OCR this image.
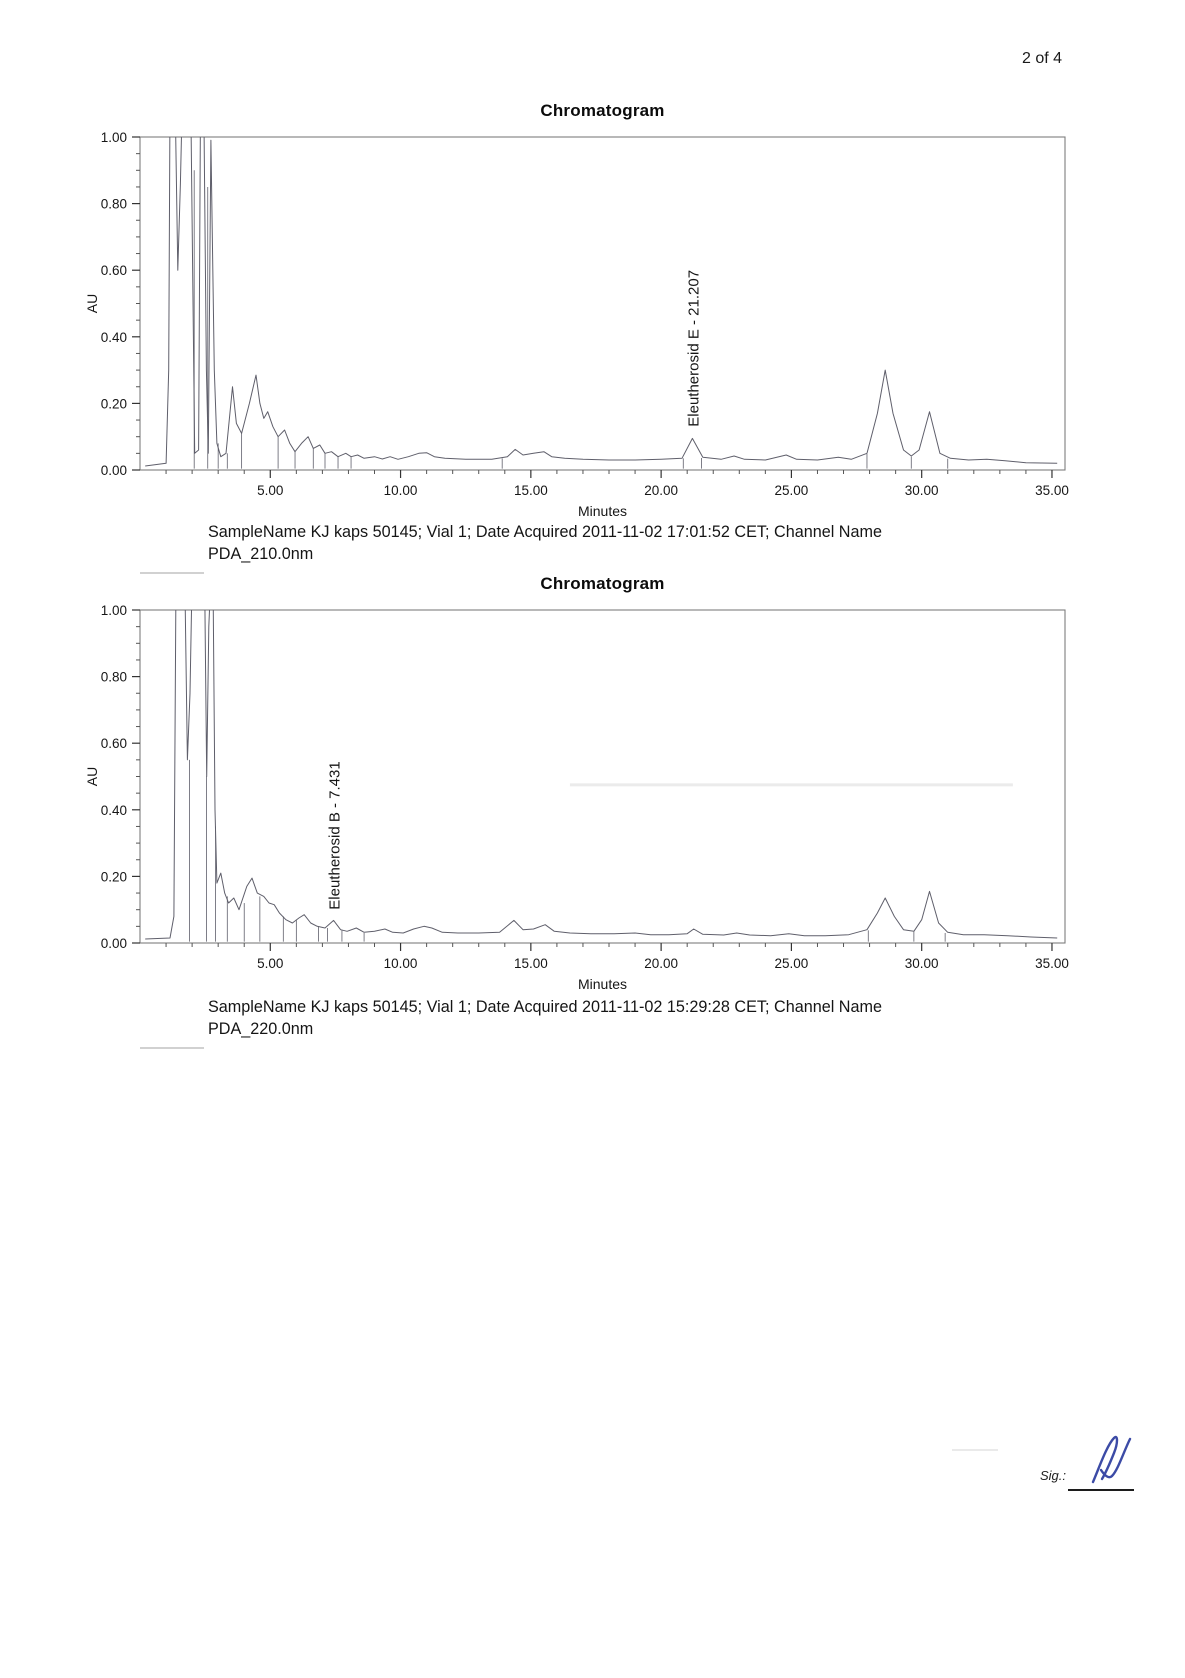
2 of 4
Chromatogram
5.00	10.00	15.00	20.00	25.00	30.00	35.00
0.00
0.20
0.40
0.60
0.80
1.00
Minutes
AU	Eleutherosid E - 21.207
SampleName KJ kaps 50145; Vial 1; Date Acquired 2011-11-02 17:01:52 CET; Channel Name
PDA_210.0nm
Chromatogram
5.00	10.00	15.00	20.00	25.00	30.00	35.00
0.00
0.20
0.40
0.60
0.80
1.00
Minutes
AU	Eleutherosid B - 7.431
SampleName KJ kaps 50145; Vial 1; Date Acquired 2011-11-02 15:29:28 CET; Channel Name
PDA_220.0nm
Sig.:
